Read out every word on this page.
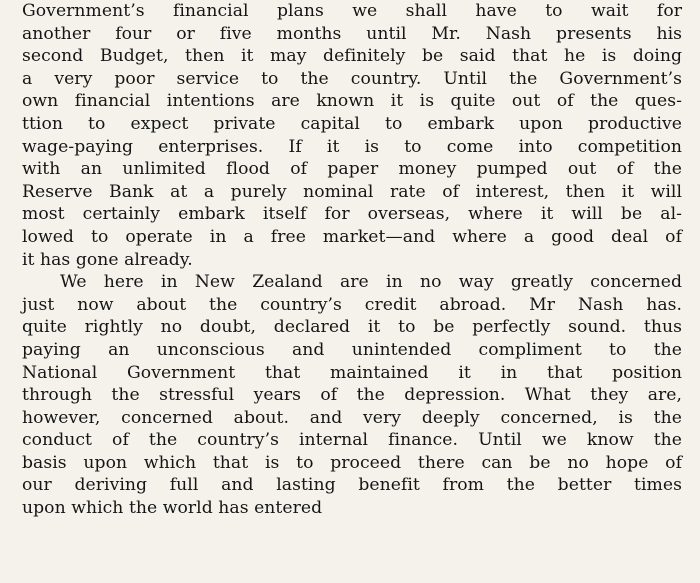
Government’s financial plans we shall have to wait for
another four or five months until Mr. Nash presents his
second Budget, then it may definitely be said that he is doing
a very poor service to the country. Until the Government’s
own financial intentions are known it is quite out of the ques-
ttion to expect private capital to embark upon productive
wage-paying enterprises. If it is to come into competition
with an unlimited flood of paper money pumped out of the
Reserve Bank at a purely nominal rate of interest, then it will
most certainly embark itself for overseas, where it will be al-
lowed to operate in a free market—and where a good deal of
it has gone already.
We here in New Zealand are in no way greatly concerned
just now about the country’s credit abroad. Mr Nash has.
quite rightly no doubt, declared it to be perfectly sound. thus
paying an unconscious and unintended compliment to the
National Government that maintained it in that position
through the stressful years of the depression. What they are,
however, concerned about. and very deeply concerned, is the
conduct of the country’s internal finance. Until we know the
basis upon which that is to proceed there can be no hope of
our deriving full and lasting benefit from the better times
upon which the world has entered
